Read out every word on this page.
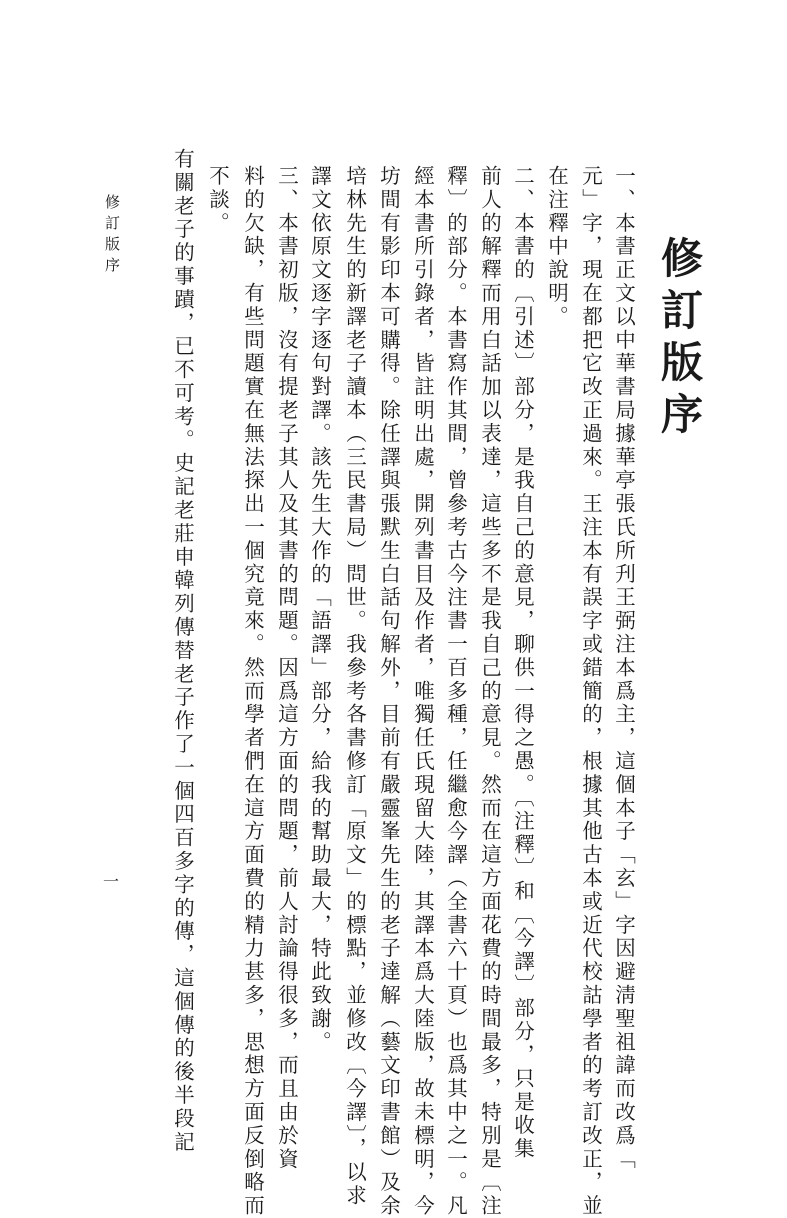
修訂版序
一、本書正文以中華書局據華亭張氏所刋王弼注本爲主，這個本子「玄」字因避淸聖祖諱而改爲「
元」字，現在都把它改正過來。王注本有誤字或錯簡的，根據其他古本或近代校詁學者的考訂改正，並
在注釋中說明。
二、本書的〔引述〕部分，是我自己的意見，聊供一得之愚。〔注釋〕和〔今譯〕部分，只是收集
前人的解釋而用白話加以表達，這些多不是我自己的意見。然而在這方面花費的時間最多，特別是〔注
釋〕的部分。本書寫作其間，曾參考古今注書一百多種，任繼愈今譯（全書六十頁）也爲其中之一。凡
經本書所引錄者，皆註明出處，開列書目及作者，唯獨任氏現留大陸，其譯本爲大陸版，故未標明，今
坊間有影印本可購得。除任譯與張默生白話句解外，目前有嚴靈峯先生的老子達解（藝文印書館）及余
培林先生的新譯老子讀本（三民書局）問世。我參考各書修訂「原文」的標點，並修改〔今譯〕，以求
譯文依原文逐字逐句對譯。該先生大作的「語譯」部分，給我的幫助最大，特此致謝。
三、本書初版，沒有提老子其人及其書的問題。因爲這方面的問題，前人討論得很多，而且由於資
料的欠缺，有些問題實在無法探出一個究竟來。然而學者們在這方面費的精力甚多，思想方面反倒略而
不談。
有關老子的事蹟，已不可考。史記老莊申韓列傳替老子作了一個四百多字的傳，這個傳的後半段記
修訂版序
一
